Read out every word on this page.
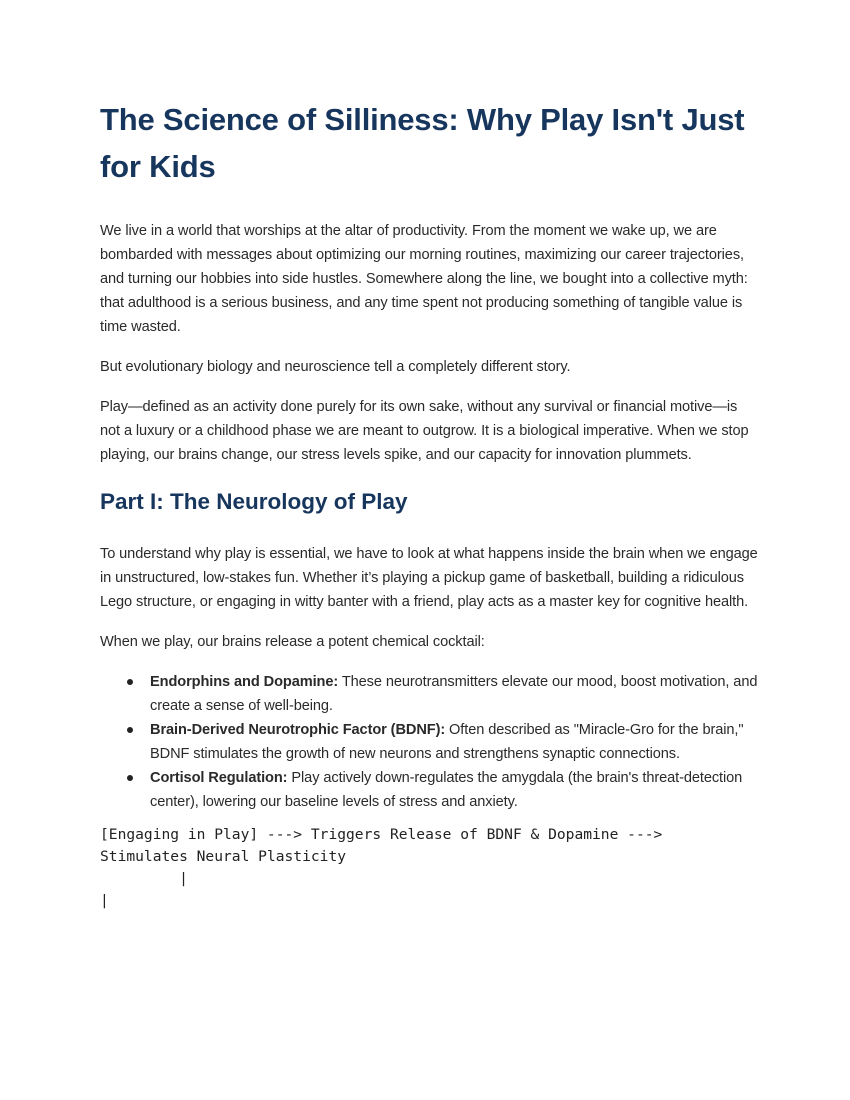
The Science of Silliness: Why Play Isn't Just for Kids

We live in a world that worships at the altar of productivity. From the moment we wake up, we are bombarded with messages about optimizing our morning routines, maximizing our career trajectories, and turning our hobbies into side hustles. Somewhere along the line, we bought into a collective myth: that adulthood is a serious business, and any time spent not producing something of tangible value is time wasted.

But evolutionary biology and neuroscience tell a completely different story.

Play—defined as an activity done purely for its own sake, without any survival or financial motive—is not a luxury or a childhood phase we are meant to outgrow. It is a biological imperative. When we stop playing, our brains change, our stress levels spike, and our capacity for innovation plummets.

Part I: The Neurology of Play

To understand why play is essential, we have to look at what happens inside the brain when we engage in unstructured, low-stakes fun. Whether it’s playing a pickup game of basketball, building a ridiculous Lego structure, or engaging in witty banter with a friend, play acts as a master key for cognitive health.

When we play, our brains release a potent chemical cocktail:

Endorphins and Dopamine: These neurotransmitters elevate our mood, boost motivation, and create a sense of well-being.
Brain-Derived Neurotrophic Factor (BDNF): Often described as "Miracle-Gro for the brain," BDNF stimulates the growth of new neurons and strengthens synaptic connections.
Cortisol Regulation: Play actively down-regulates the amygdala (the brain's threat-detection center), lowering our baseline levels of stress and anxiety.
[Engaging in Play] ---> Triggers Release of BDNF & Dopamine --->
Stimulates Neural Plasticity
|
|
